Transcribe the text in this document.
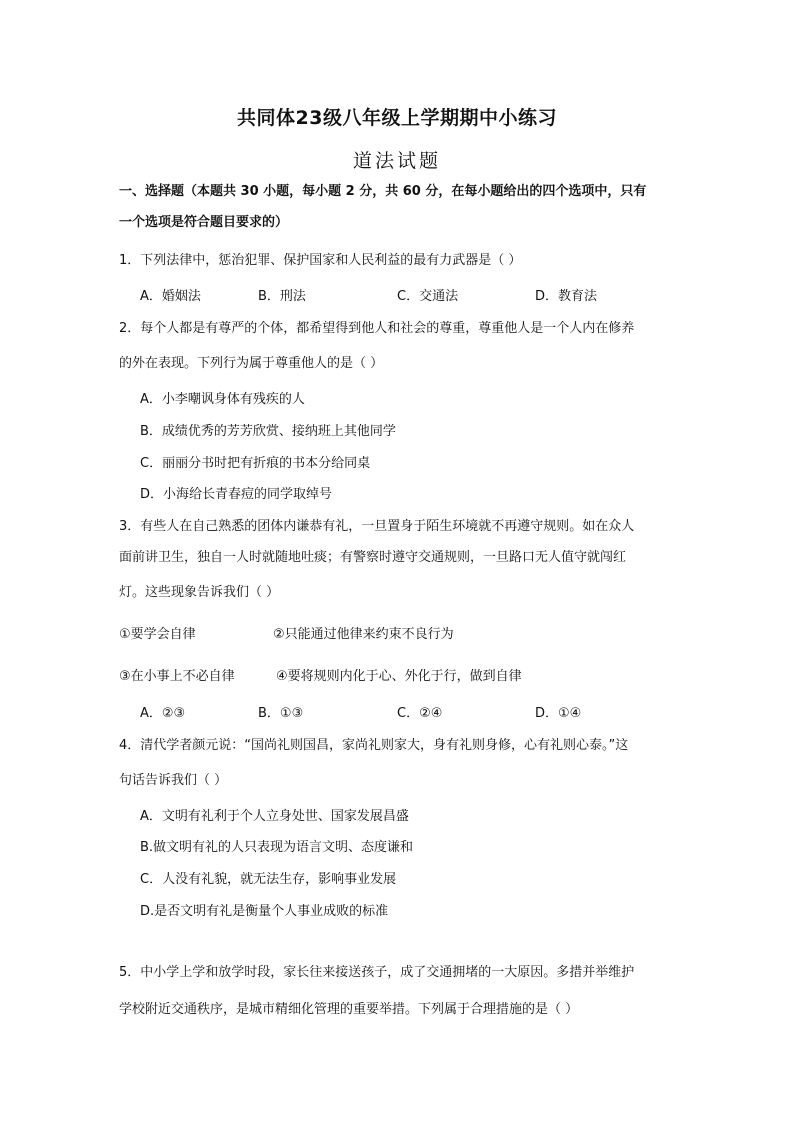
共同体23级八年级上学期期中小练习
道法试题
一、选择题（本题共 30 小题，每小题 2 分，共 60 分，在每小题给出的四个选项中，只有
一个选项是符合题目要求的）
1．下列法律中，惩治犯罪、保护国家和人民利益的最有力武器是（ ）
A．婚姻法	B．刑法	C．交通法	D．教育法
2．每个人都是有尊严的个体，都希望得到他人和社会的尊重，尊重他人是一个人内在修养
的外在表现。下列行为属于尊重他人的是（ ）
A．小李嘲讽身体有残疾的人
B．成绩优秀的芳芳欣赏、接纳班上其他同学
C．丽丽分书时把有折痕的书本分给同桌
D．小海给长青春痘的同学取绰号
3．有些人在自己熟悉的团体内谦恭有礼，一旦置身于陌生环境就不再遵守规则。如在众人
面前讲卫生，独自一人时就随地吐痰；有警察时遵守交通规则，一旦路口无人值守就闯红
灯。这些现象告诉我们（ ）
①要学会自律	②只能通过他律来约束不良行为
③在小事上不必自律	④要将规则内化于心、外化于行，做到自律
A．②③	B．①③	C．②④	D．①④
4．清代学者颜元说：“国尚礼则国昌，家尚礼则家大，身有礼则身修，心有礼则心泰。”这
句话告诉我们（ ）
A．文明有礼利于个人立身处世、国家发展昌盛
B.做文明有礼的人只表现为语言文明、态度谦和
C．人没有礼貌，就无法生存，影响事业发展
D.是否文明有礼是衡量个人事业成败的标准
5．中小学上学和放学时段，家长往来接送孩子，成了交通拥堵的一大原因。多措并举维护
学校附近交通秩序，是城市精细化管理的重要举措。下列属于合理措施的是（ ）
